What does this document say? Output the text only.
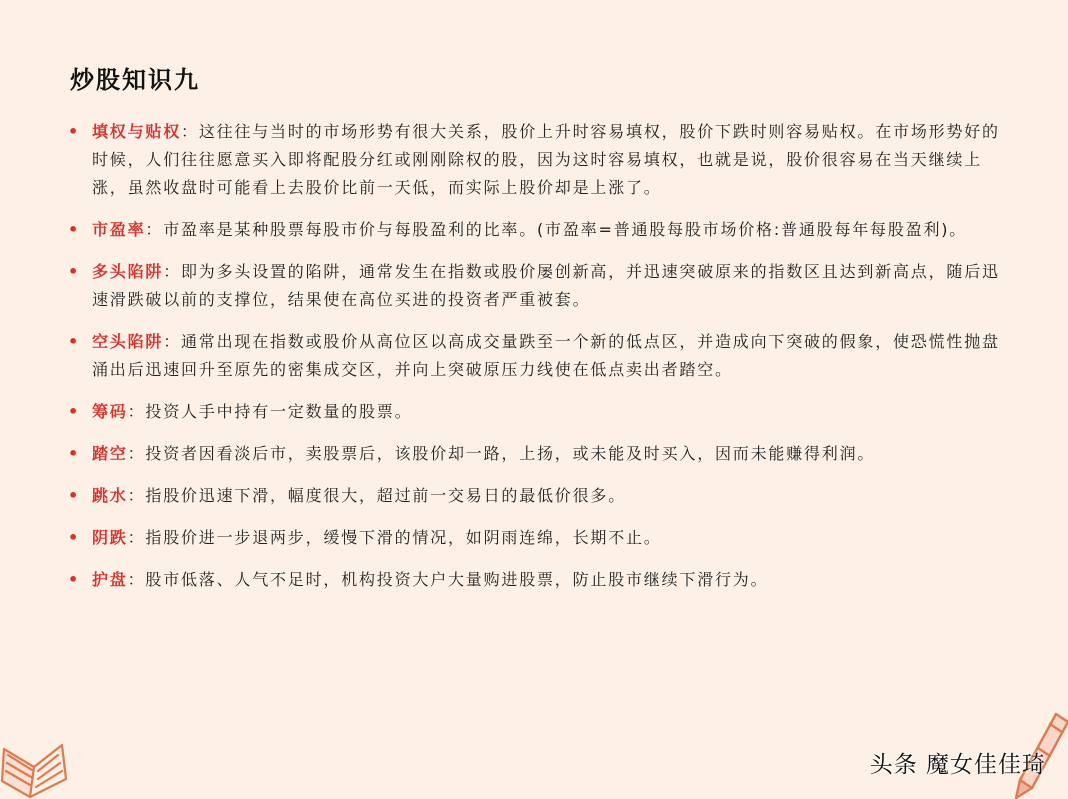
炒股知识九
• 填权与贴权：这往往与当时的市场形势有很大关系，股价上升时容易填权，股价下跌时则容易贴权。在市场形势好的时候，人们往往愿意买入即将配股分红或刚刚除权的股，因为这时容易填权，也就是说，股价很容易在当天继续上涨，虽然收盘时可能看上去股价比前一天低，而实际上股价却是上涨了。
• 市盈率：市盈率是某种股票每股市价与每股盈利的比率。(市盈率=普通股每股市场价格:普通股每年每股盈利)。
• 多头陷阱：即为多头设置的陷阱，通常发生在指数或股价屡创新高，并迅速突破原来的指数区且达到新高点，随后迅速滑跌破以前的支撑位，结果使在高位买进的投资者严重被套。
• 空头陷阱：通常出现在指数或股价从高位区以高成交量跌至一个新的低点区，并造成向下突破的假象，使恐慌性抛盘涌出后迅速回升至原先的密集成交区，并向上突破原压力线使在低点卖出者踏空。
• 筹码：投资人手中持有一定数量的股票。
• 踏空：投资者因看淡后市，卖股票后，该股价却一路，上扬，或未能及时买入，因而未能赚得利润。
• 跳水：指股价迅速下滑，幅度很大，超过前一交易日的最低价很多。
• 阴跌：指股价进一步退两步，缓慢下滑的情况，如阴雨连绵，长期不止。
• 护盘：股市低落、人气不足时，机构投资大户大量购进股票，防止股市继续下滑行为。
头条 魔女佳佳琦
